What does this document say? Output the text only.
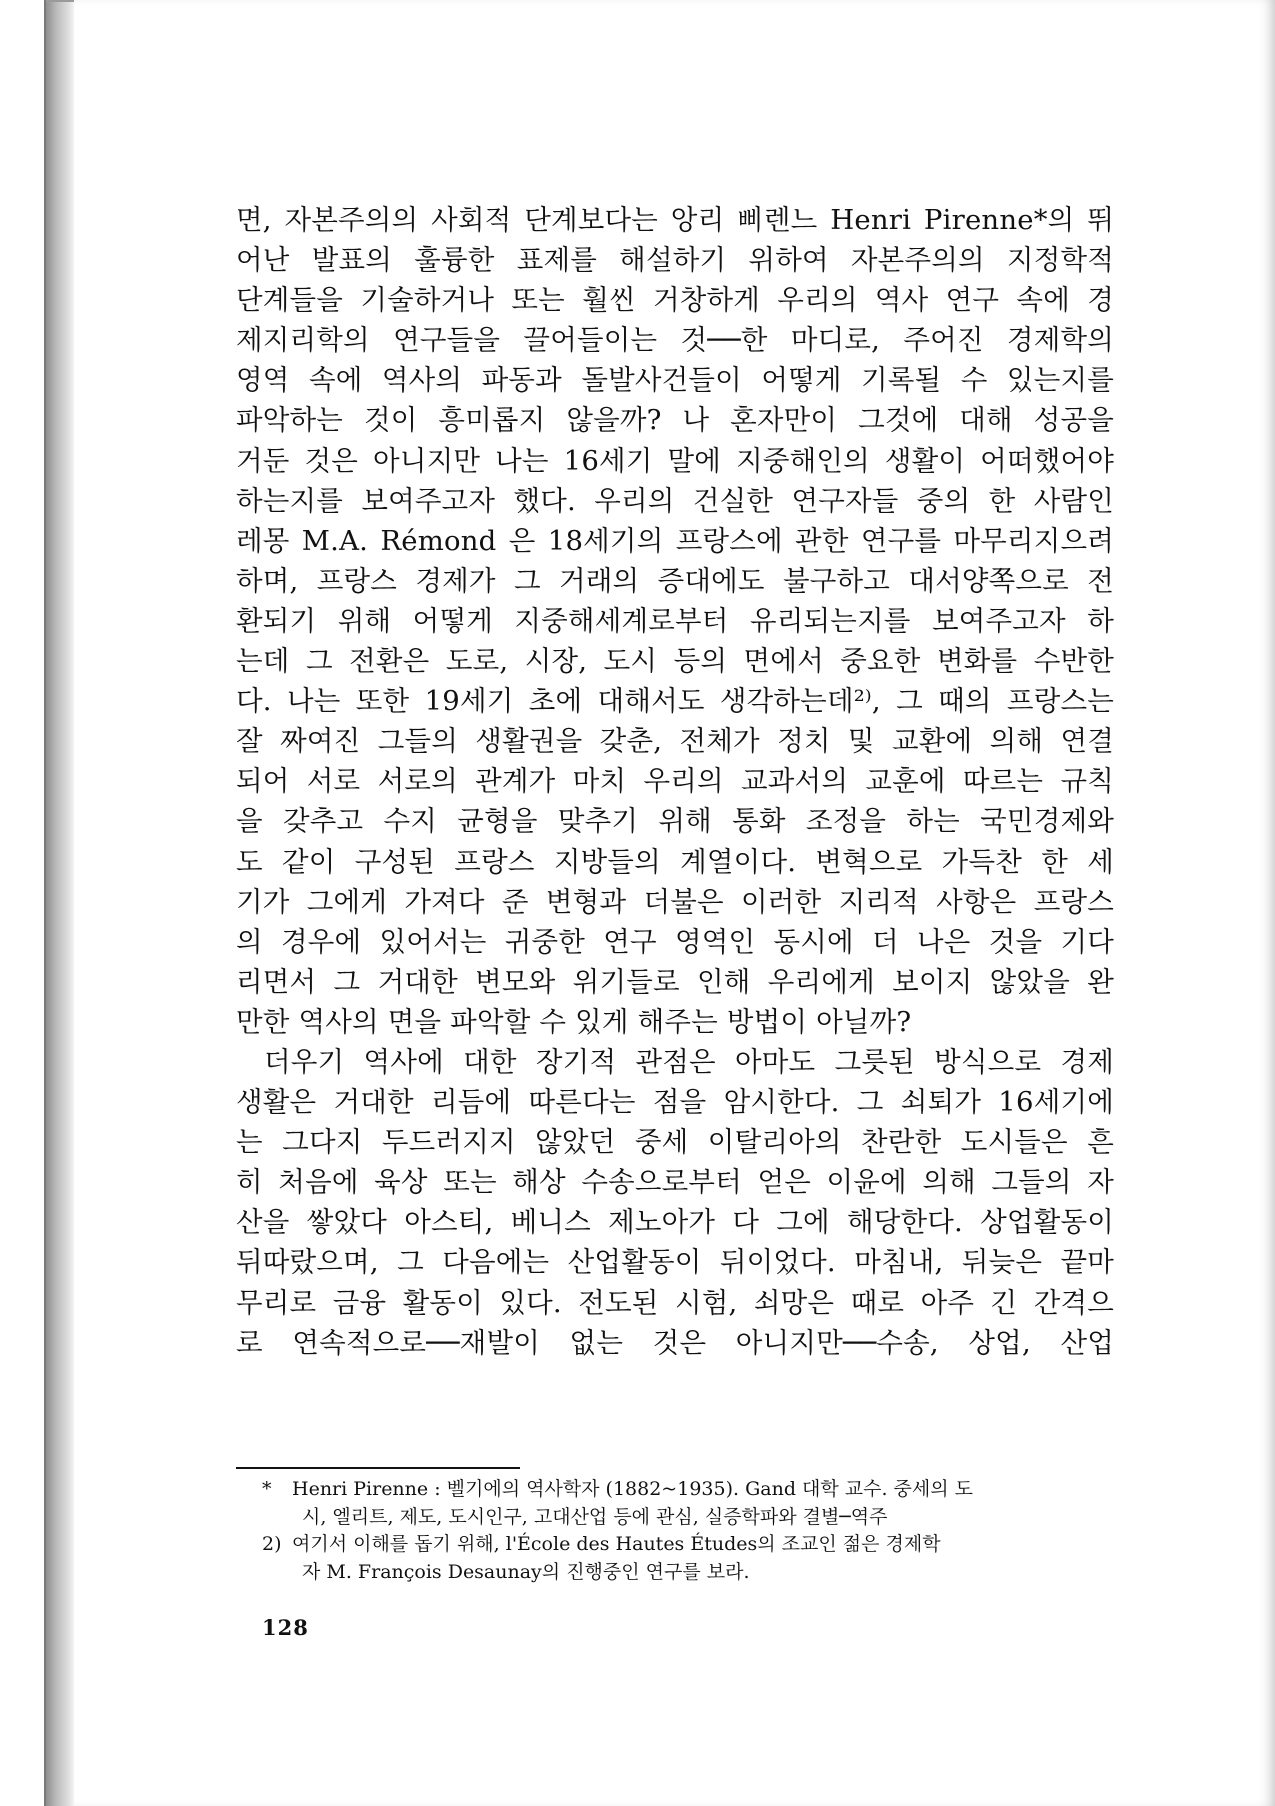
면, 자본주의의 사회적 단계보다는 앙리 삐렌느 Henri Pirenne*의 뛰
어난 발표의 훌륭한 표제를 해설하기 위하여 자본주의의 지정학적
단계들을 기술하거나 또는 훨씬 거창하게 우리의 역사 연구 속에 경
제지리학의 연구들을 끌어들이는 것──한 마디로, 주어진 경제학의
영역 속에 역사의 파동과 돌발사건들이 어떻게 기록될 수 있는지를
파악하는 것이 흥미롭지 않을까? 나 혼자만이 그것에 대해 성공을
거둔 것은 아니지만 나는 16세기 말에 지중해인의 생활이 어떠했어야
하는지를 보여주고자 했다. 우리의 건실한 연구자들 중의 한 사람인
레몽 M.A. Rémond 은 18세기의 프랑스에 관한 연구를 마무리지으려
하며, 프랑스 경제가 그 거래의 증대에도 불구하고 대서양쪽으로 전
환되기 위해 어떻게 지중해세계로부터 유리되는지를 보여주고자 하
는데 그 전환은 도로, 시장, 도시 등의 면에서 중요한 변화를 수반한
다. 나는 또한 19세기 초에 대해서도 생각하는데²⁾, 그 때의 프랑스는
잘 짜여진 그들의 생활권을 갖춘, 전체가 정치 및 교환에 의해 연결
되어 서로 서로의 관계가 마치 우리의 교과서의 교훈에 따르는 규칙
을 갖추고 수지 균형을 맞추기 위해 통화 조정을 하는 국민경제와
도 같이 구성된 프랑스 지방들의 계열이다. 변혁으로 가득찬 한 세
기가 그에게 가져다 준 변형과 더불은 이러한 지리적 사항은 프랑스
의 경우에 있어서는 귀중한 연구 영역인 동시에 더 나은 것을 기다
리면서 그 거대한 변모와 위기들로 인해 우리에게 보이지 않았을 완
만한 역사의 면을 파악할 수 있게 해주는 방법이 아닐까?
더우기 역사에 대한 장기적 관점은 아마도 그릇된 방식으로 경제
생활은 거대한 리듬에 따른다는 점을 암시한다. 그 쇠퇴가 16세기에
는 그다지 두드러지지 않았던 중세 이탈리아의 찬란한 도시들은 흔
히 처음에 육상 또는 해상 수송으로부터 얻은 이윤에 의해 그들의 자
산을 쌓았다 아스티, 베니스 제노아가 다 그에 해당한다. 상업활동이
뒤따랐으며, 그 다음에는 산업활동이 뒤이었다. 마침내, 뒤늦은 끝마
무리로 금융 활동이 있다. 전도된 시험, 쇠망은 때로 아주 긴 간격으
로 연속적으로──재발이 없는 것은 아니지만──수송, 상업, 산업
* Henri Pirenne : 벨기에의 역사학자 (1882~1935). Gand 대학 교수. 중세의 도
시, 엘리트, 제도, 도시인구, 고대산업 등에 관심, 실증학파와 결별─역주
2) 여기서 이해를 돕기 위해, l'École des Hautes Études의 조교인 젊은 경제학
자 M. François Desaunay의 진행중인 연구를 보라.
128
